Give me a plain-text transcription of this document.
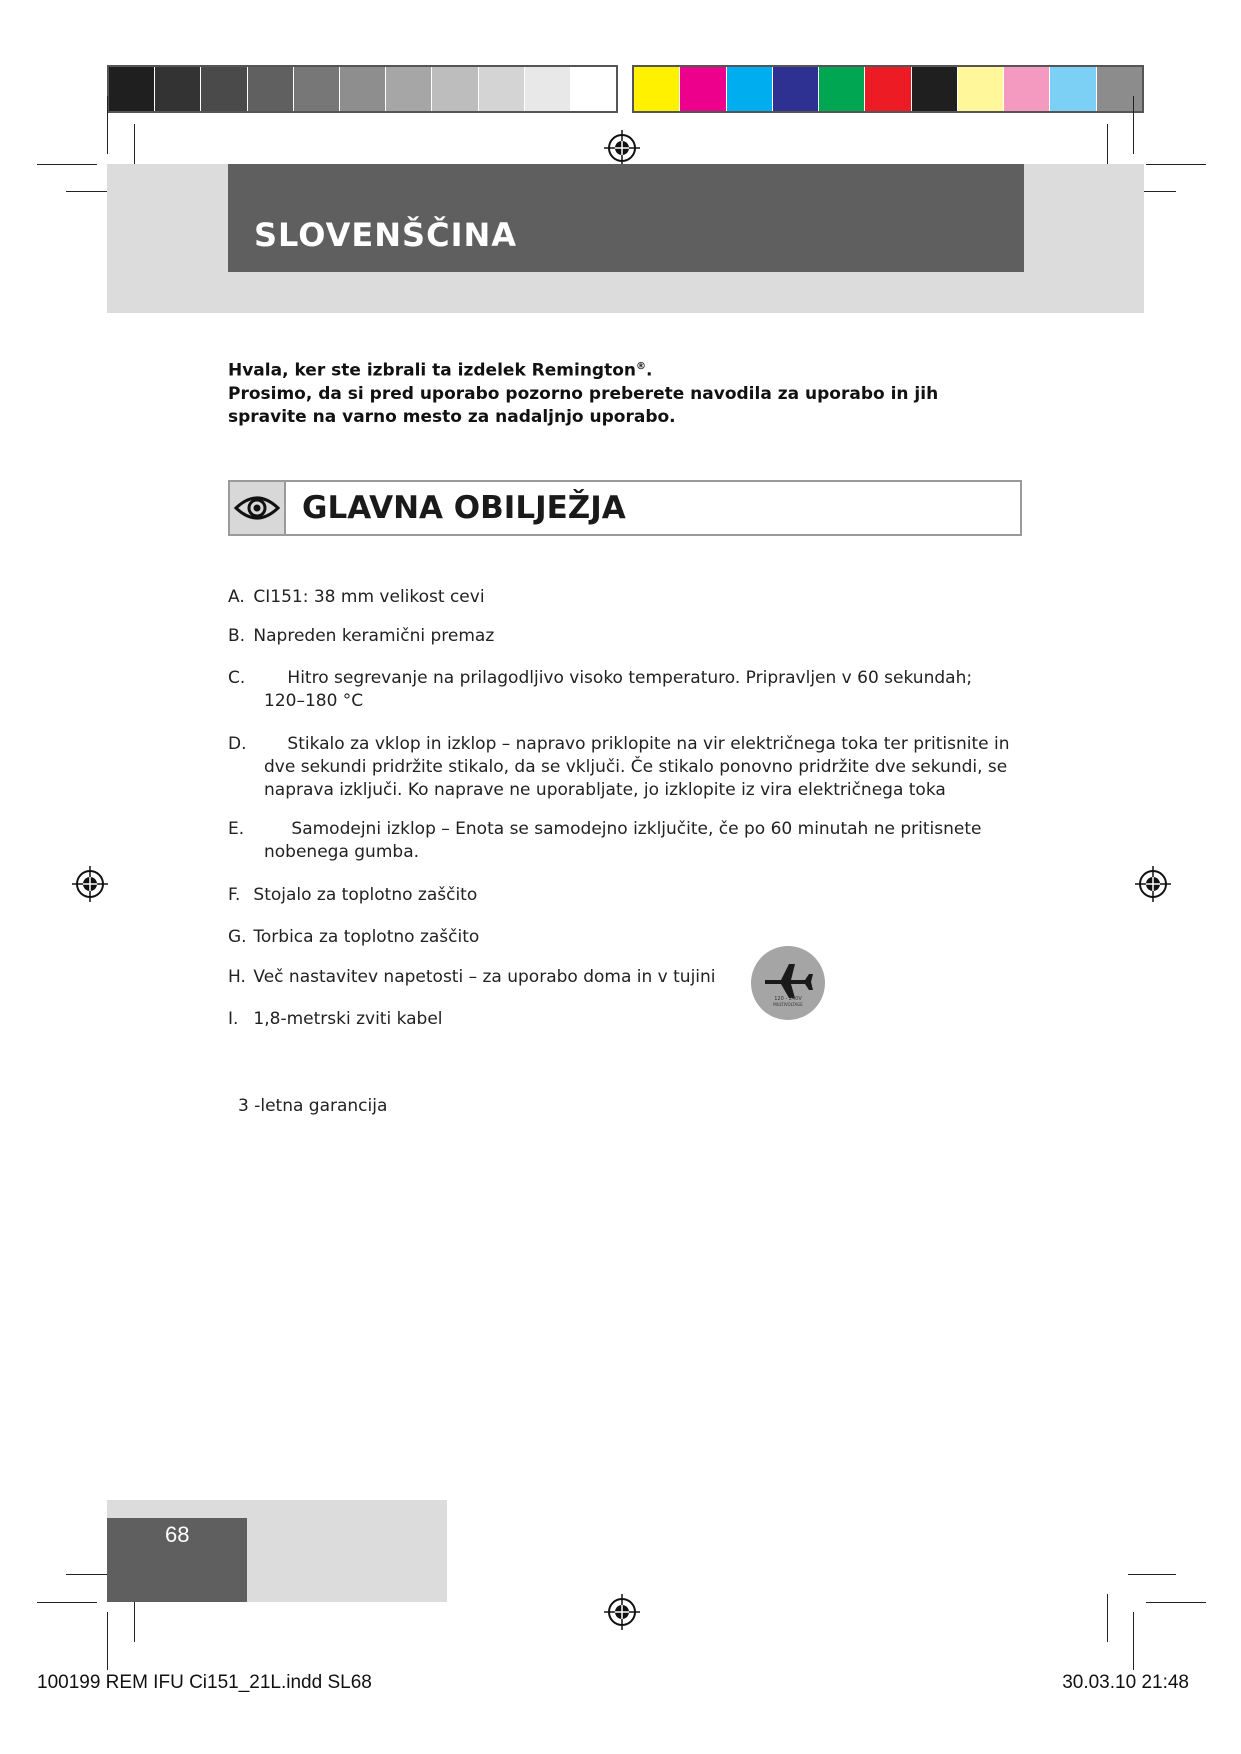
SLOVENŠČINA
Hvala, ker ste izbrali ta izdelek Remington®.
Prosimo, da si pred uporabo pozorno preberete navodila za uporabo in jih spravite na varno mesto za nadaljnjo uporabo.
GLAVNA OBILJEŽJA
A. CI151: 38 mm velikost cevi
B. Napreden keramični premaz
C. Hitro segrevanje na prilagodljivo visoko temperaturo. Pripravljen v 60 sekundah;
120–180 °C
D. Stikalo za vklop in izklop – napravo priklopite na vir električnega toka ter pritisnite in
dve sekundi pridržite stikalo, da se vključi. Če stikalo ponovno pridržite dve sekundi, se
naprava izključi. Ko naprave ne uporabljate, jo izklopite iz vira električnega toka
E.	Samodejni izklop – Enota se samodejno izključite, če po 60 minutah ne pritisnete
nobenega gumba.
F. Stojalo za toplotno zaščito
G. Torbica za toplotno zaščito
H. Več nastavitev napetosti – za uporabo doma in v tujini
I. 1,8-metrski zviti kabel
120 - 240V
MULTIVOLTAGE
3 -letna garancija
68
100199 REM IFU Ci151_21L.indd SL68	30.03.10 21:48
